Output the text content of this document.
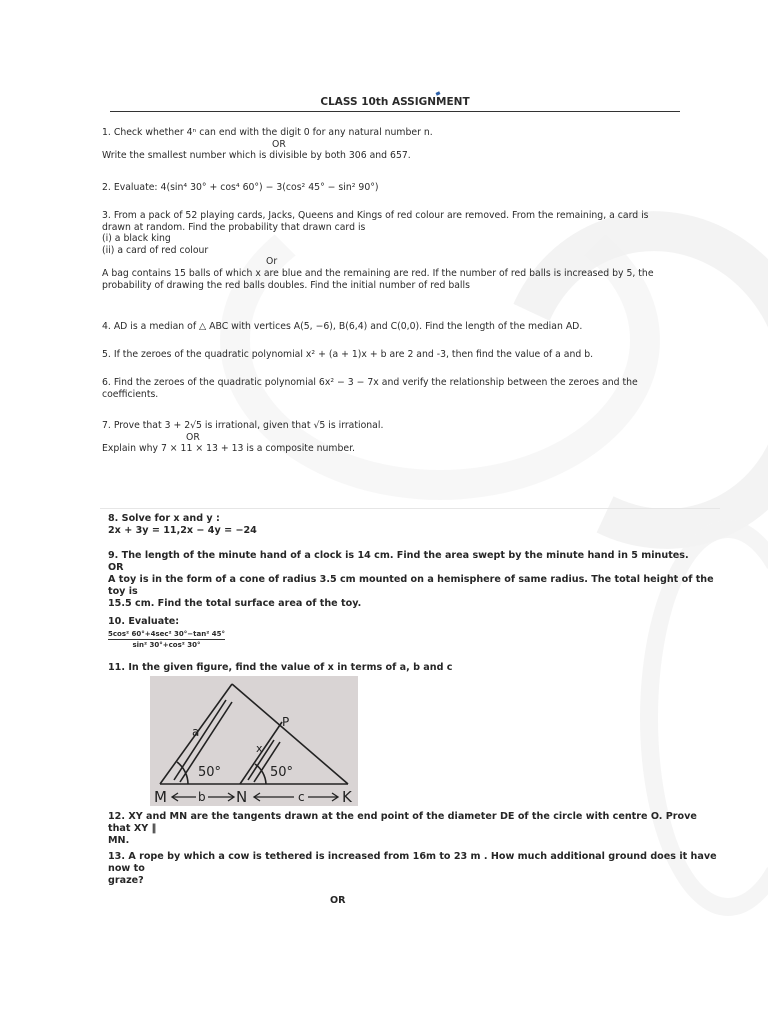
CLASS 10th ASSIGNMENT
1. Check whether 4ⁿ can end with the digit 0 for any natural number n.
OR
Write the smallest number which is divisible by both 306 and 657.
2. Evaluate: 4(sin⁴ 30° + cos⁴ 60°) − 3(cos² 45° − sin² 90°)
3. From a pack of 52 playing cards, Jacks, Queens and Kings of red colour are removed. From the remaining, a card is
drawn at random. Find the probability that drawn card is
(i) a black king
(ii) a card of red colour
Or
A bag contains 15 balls of which x are blue and the remaining are red. If the number of red balls is increased by 5, the
probability of drawing the red balls doubles. Find the initial number of red balls
4. AD is a median of △ ABC with vertices A(5, −6), B(6,4) and C(0,0). Find the length of the median AD.
5. If the zeroes of the quadratic polynomial x² + (a + 1)x + b are 2 and -3, then find the value of a and b.
6. Find the zeroes of the quadratic polynomial 6x² − 3 − 7x and verify the relationship between the zeroes and the
coefficients.
7. Prove that 3 + 2√5 is irrational, given that √5 is irrational.
OR
Explain why 7 × 11 × 13 + 13 is a composite number.
8. Solve for x and y :
2x + 3y = 11,2x − 4y = −24
9. The length of the minute hand of a clock is 14 cm. Find the area swept by the minute hand in 5 minutes.
OR
A toy is in the form of a cone of radius 3.5 cm mounted on a hemisphere of same radius. The total height of the toy is
15.5 cm. Find the total surface area of the toy.
10. Evaluate:
11. In the given figure, find the value of x in terms of a, b and c
12. XY and MN are the tangents drawn at the end point of the diameter DE of the circle with centre O. Prove that XY ‖
MN.
13. A rope by which a cow is tethered is increased from 16m to 23 m . How much additional ground does it have now to
graze?
OR
5cos² 60°+4sec² 30°−tan² 45°
sin² 30°+cos² 30°
a
x
P
50°	50°
M	b N	c K
